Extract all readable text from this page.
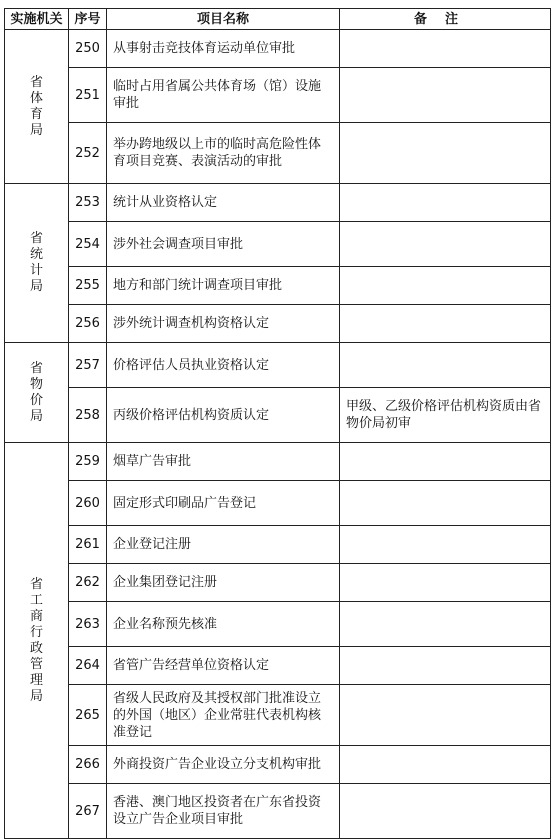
实施机关	序号	项目名称	备注
省体育局	250	从事射击竞技体育运动单位审批	
	251	临时占用省属公共体育场（馆）设施审批	
	252	举办跨地级以上市的临时高危险性体育项目竞赛、表演活动的审批	
省统计局	253	统计从业资格认定	
	254	涉外社会调查项目审批	
	255	地方和部门统计调查项目审批	
	256	涉外统计调查机构资格认定	
省物价局	257	价格评估人员执业资格认定	
	258	丙级价格评估机构资质认定	甲级、乙级价格评估机构资质由省物价局初审
省工商行政管理局	259	烟草广告审批	
	260	固定形式印刷品广告登记	
	261	企业登记注册	
	262	企业集团登记注册	
	263	企业名称预先核准	
	264	省管广告经营单位资格认定	
	265	省级人民政府及其授权部门批准设立的外国（地区）企业常驻代表机构核准登记	
	266	外商投资广告企业设立分支机构审批	
	267	香港、澳门地区投资者在广东省投资设立广告企业项目审批	
